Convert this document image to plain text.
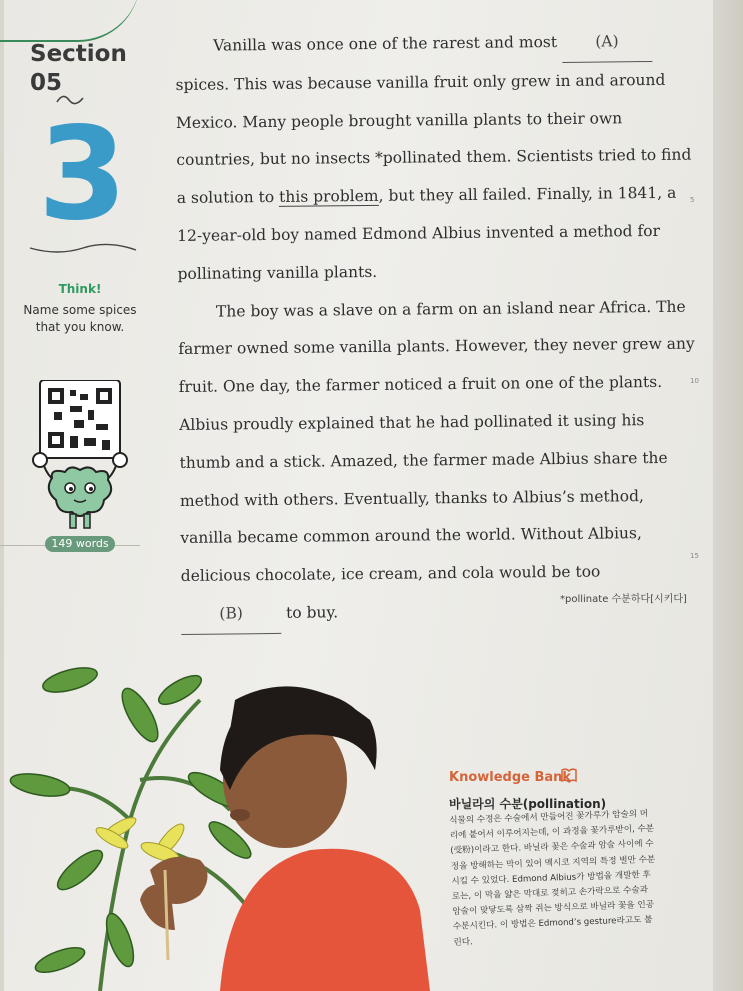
Section
05
3
Think!
Name some spices
that you know.
149 words

Vanilla was once one of the rarest and most (A) spices. This was because vanilla fruit only grew in and around Mexico. Many people brought vanilla plants to their own countries, but no insects *pollinated them. Scientists tried to find a solution to this problem, but they all failed. Finally, in 1841, a 12-year-old boy named Edmond Albius invented a method for pollinating vanilla plants.

The boy was a slave on a farm on an island near Africa. The farmer owned some vanilla plants. However, they never grew any fruit. One day, the farmer noticed a fruit on one of the plants. Albius proudly explained that he had pollinated it using his thumb and a stick. Amazed, the farmer made Albius share the method with others. Eventually, thanks to Albius’s method, vanilla became common around the world. Without Albius, delicious chocolate, ice cream, and cola would be too (B)	to buy.

5
10
15
*pollinate 수분하다[시키다]
Knowledge Bank
바닐라의 수분(pollination)
식물의 수정은 수술에서 만들어진 꽃가루가 암술의 머리에 붙어서 이루어지는데, 이 과정을 꽃가루받이, 수분(受粉)이라고 한다. 바닐라 꽃은 수술과 암술 사이에 수정을 방해하는 막이 있어 멕시코 지역의 특정 벌만 수분시킬 수 있었다. Edmond Albius가 방법을 개발한 후로는, 이 막을 얇은 막대로 젖히고 손가락으로 수술과 암술이 맞닿도록 살짝 쥐는 방식으로 바닐라 꽃을 인공수분시킨다. 이 방법은 Edmond’s gesture라고도 불린다.
